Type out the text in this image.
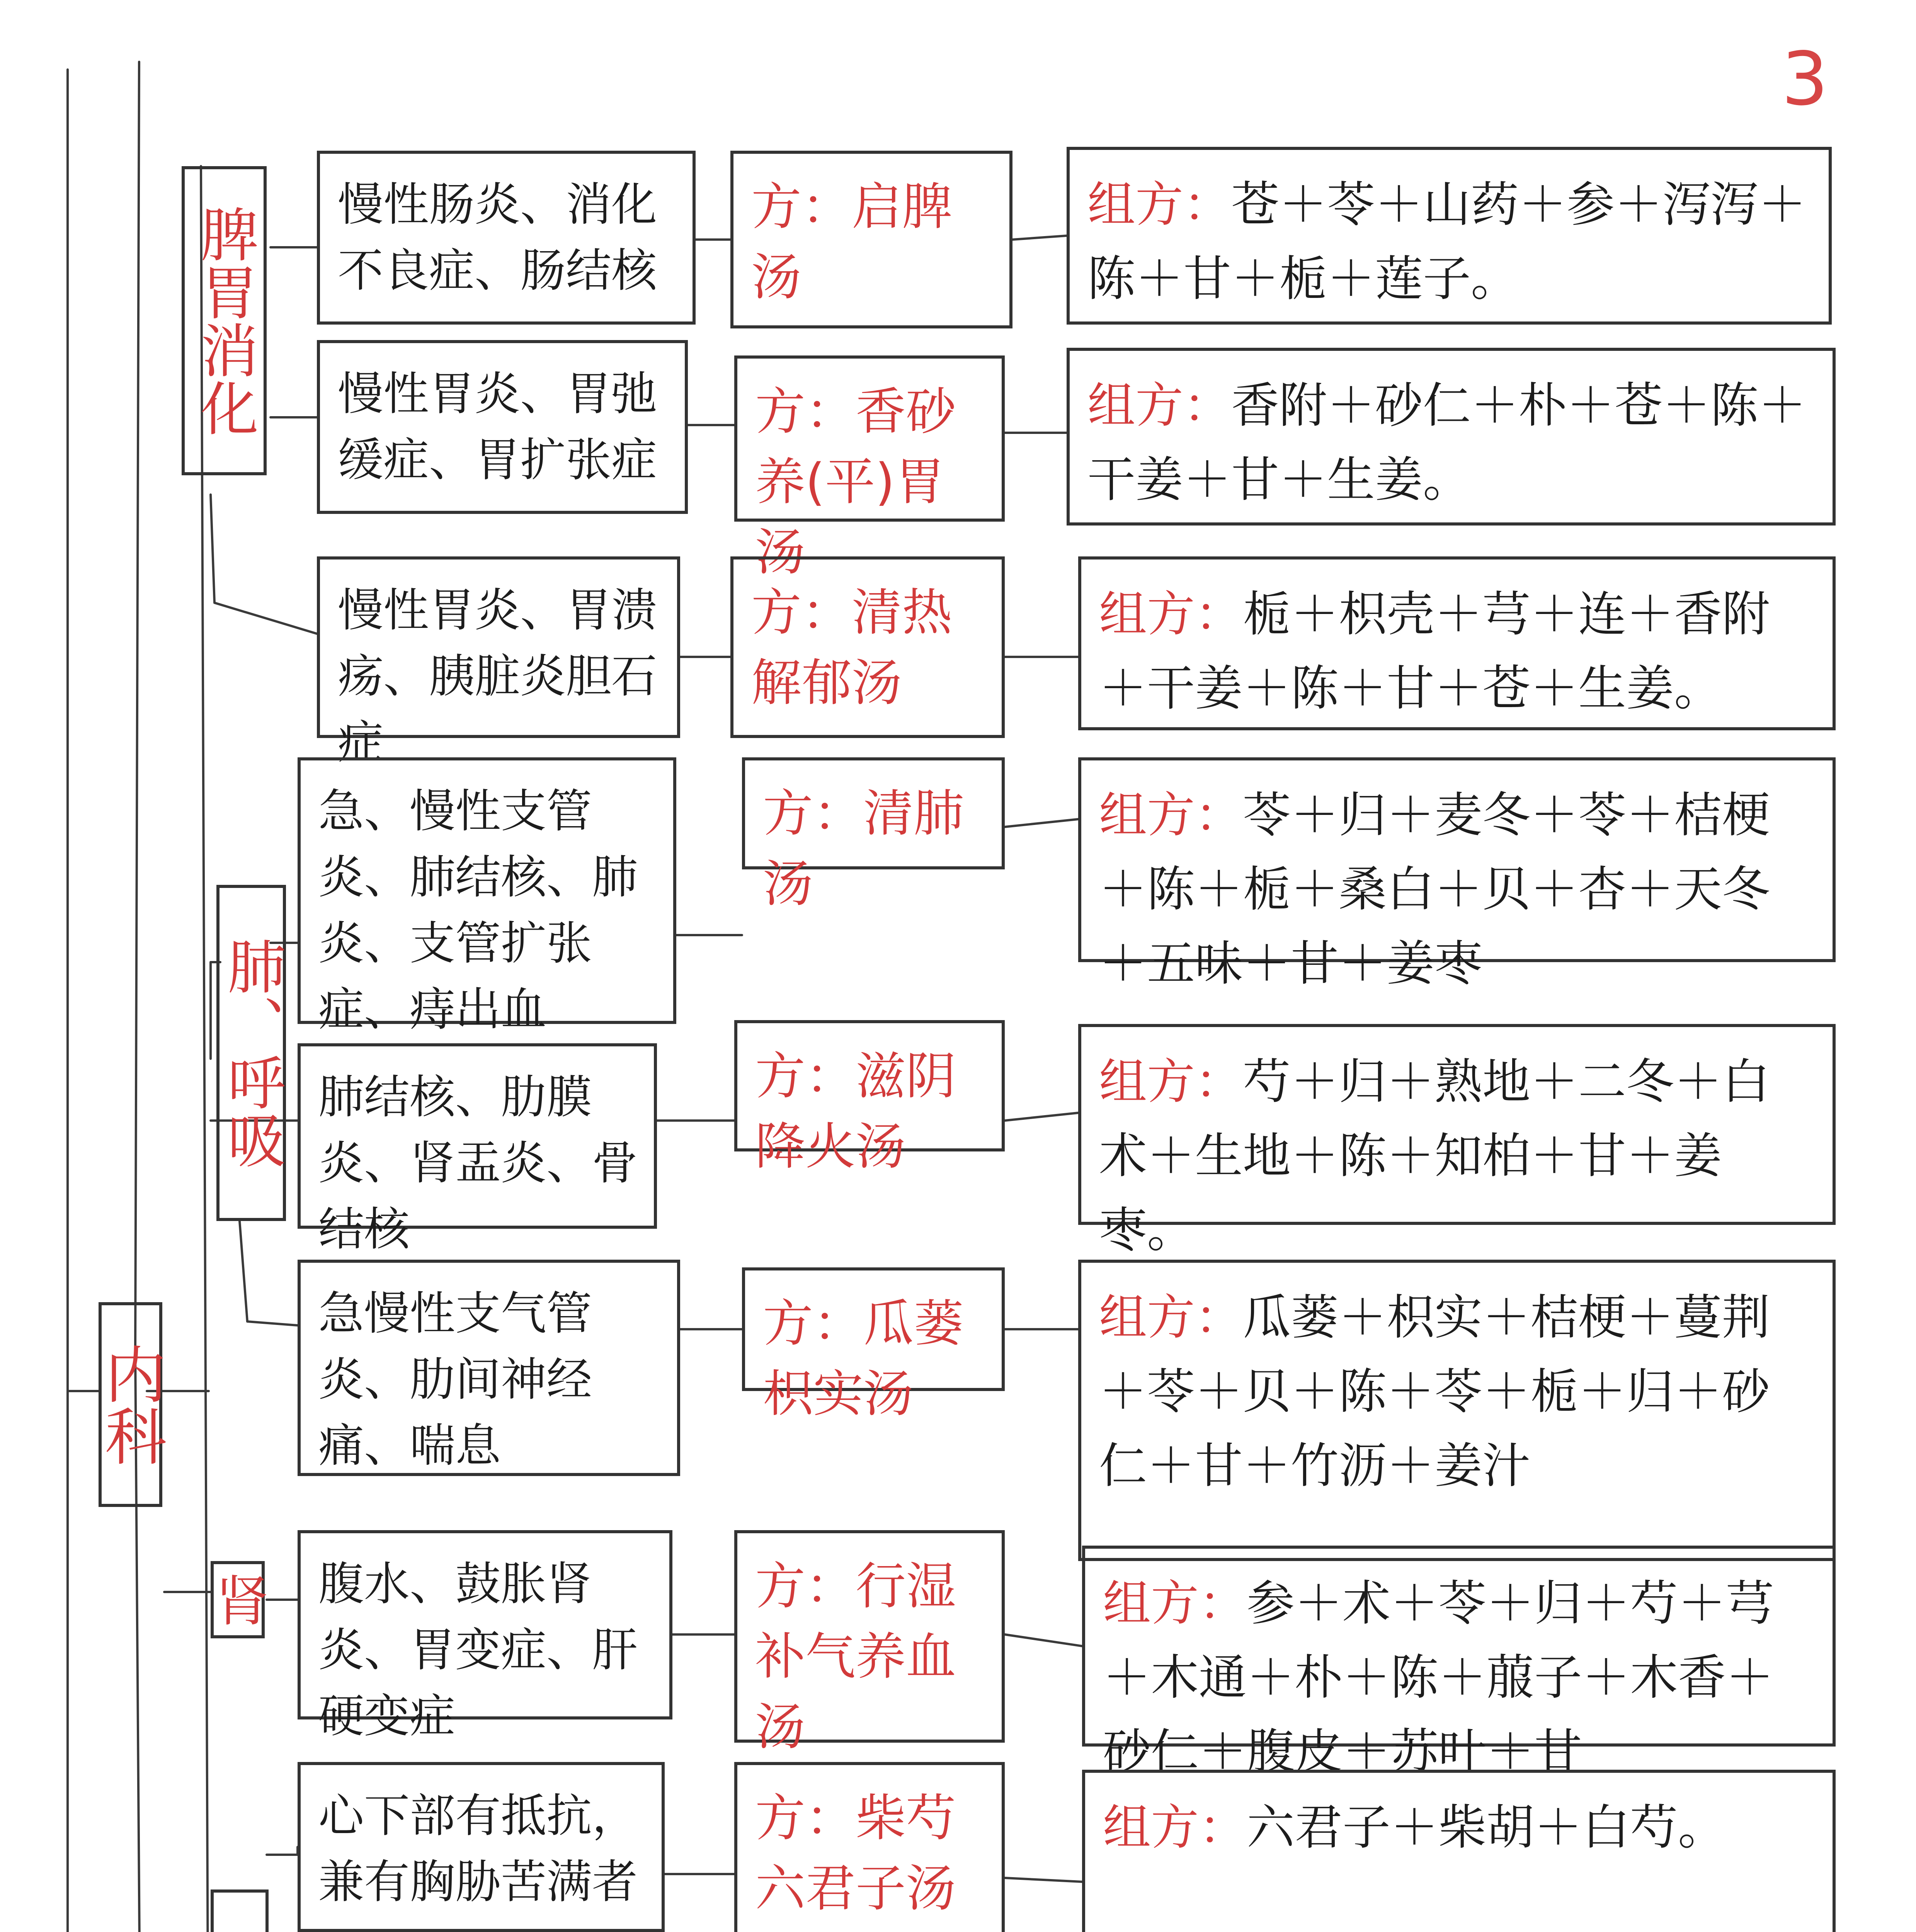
3
内科
脾胃消化
肺、呼吸
肾
慢性肠炎、消化不良症、肠结核
方：启脾汤
组方：苍＋苓＋山药＋参＋泻泻＋陈＋甘＋栀＋莲子。
慢性胃炎、胃弛缓症、胃扩张症
方：香砂养(平)胃汤
组方：香附＋砂仁＋朴＋苍＋陈＋干姜＋甘＋生姜。
慢性胃炎、胃溃疡、胰脏炎胆石症
方：清热解郁汤
组方：栀＋枳壳＋芎＋连＋香附＋干姜＋陈＋甘＋苍＋生姜。
急、慢性支管炎、肺结核、肺炎、支管扩张症、痔出血
方：清肺汤
组方：苓＋归＋麦冬＋苓＋桔梗＋陈＋栀＋桑白＋贝＋杏＋天冬＋五味＋甘＋姜枣
肺结核、肋膜炎、肾盂炎、骨结核
方：滋阴降火汤
组方：芍＋归＋熟地＋二冬＋白术＋生地＋陈＋知柏＋甘＋姜枣。
急慢性支气管炎、肋间神经痛、喘息
方：瓜蒌枳实汤
组方：瓜蒌＋枳实＋桔梗＋蔓荆＋苓＋贝＋陈＋苓＋栀＋归＋砂仁＋甘＋竹沥＋姜汁
腹水、鼓胀肾炎、胃变症、肝硬变症
方：行湿补气养血汤
组方：参＋术＋苓＋归＋芍＋芎＋木通＋朴＋陈＋菔子＋木香＋砂仁＋腹皮＋苏叶＋甘
心下部有抵抗，兼有胸胁苦满者
方：柴芍六君子汤
组方：六君子＋柴胡＋白芍。
